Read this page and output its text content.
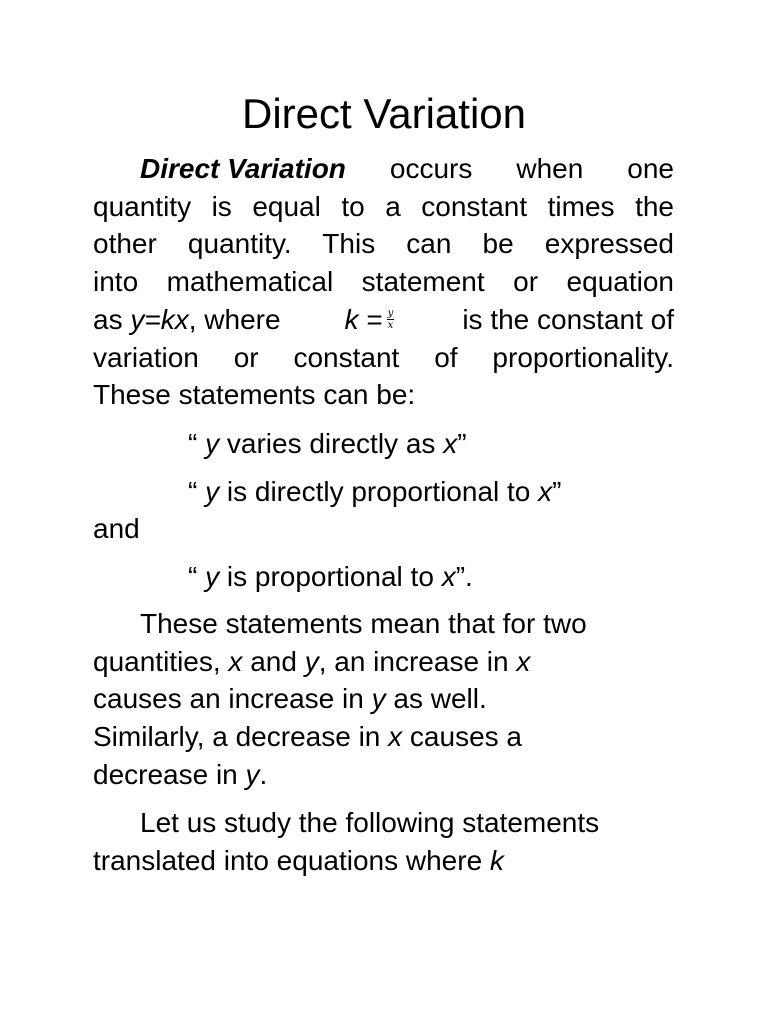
Direct Variation
Direct Variation occurs when one
quantity is equal to a constant times the
other quantity. This can be expressed
into mathematical statement or equation
as y=kx, where $k = \frac{y}{x}$ is the constant of
variation or constant of proportionality.
These statements can be:

“ y varies directly as x”

“ y is directly proportional to x”

and

“ y is proportional to x”.

These statements mean that for two
quantities, x and y, an increase in x
causes an increase in y as well.
Similarly, a decrease in x causes a
decrease in y.
Let us study the following statements
translated into equations where k
